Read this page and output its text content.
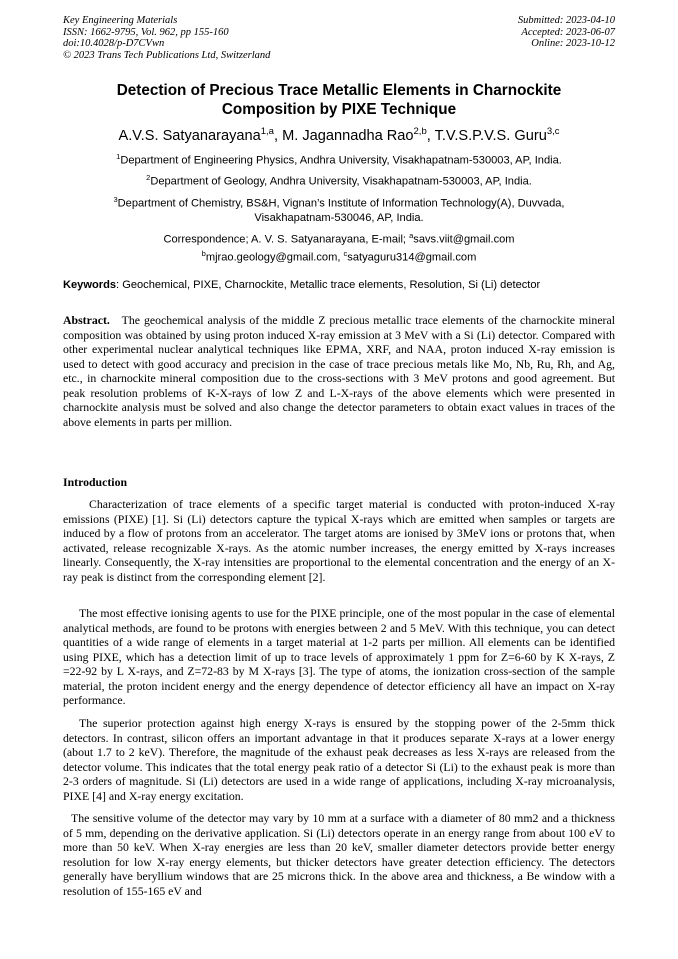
Key Engineering Materials
ISSN: 1662-9795, Vol. 962, pp 155-160
doi:10.4028/p-D7CVwn
© 2023 Trans Tech Publications Ltd, Switzerland
Submitted: 2023-04-10
Accepted: 2023-06-07
Online: 2023-10-12
Detection of Precious Trace Metallic Elements in Charnockite
Composition by PIXE Technique
A.V.S. Satyanarayana$^{1,a}$, M. Jagannadha Rao$^{2,b}$, T.V.S.P.V.S. Guru$^{3,c}$
$^1$Department of Engineering Physics, Andhra University, Visakhapatnam-530003, AP, India.
$^2$Department of Geology, Andhra University, Visakhapatnam-530003, AP, India.
$^3$Department of Chemistry, BS&H, Vignan’s Institute of Information Technology(A), Duvvada,
Visakhapatnam-530046, AP, India.
Correspondence; A. V. S. Satyanarayana, E-mail; $^a$savs.viit@gmail.com
$^b$mjrao.geology@gmail.com, $^c$satyaguru314@gmail.com
Keywords: Geochemical, PIXE, Charnockite, Metallic trace elements, Resolution, Si (Li) detector
Abstract. The geochemical analysis of the middle Z precious metallic trace elements of the charnockite mineral composition was obtained by using proton induced X-ray emission at 3 MeV with a Si (Li) detector. Compared with other experimental nuclear analytical techniques like EPMA, XRF, and NAA, proton induced X-ray emission is used to detect with good accuracy and precision in the case of trace precious metals like Mo, Nb, Ru, Rh, and Ag, etc., in charnockite mineral composition due to the cross-sections with 3 MeV protons and good agreement. But peak resolution problems of K-X-rays of low Z and L-X-rays of the above elements which were presented in charnockite analysis must be solved and also change the detector parameters to obtain exact values in traces of the above elements in parts per million.
Introduction
Characterization of trace elements of a specific target material is conducted with proton-induced X-ray emissions (PIXE) [1]. Si (Li) detectors capture the typical X-rays which are emitted when samples or targets are induced by a flow of protons from an accelerator. The target atoms are ionised by 3MeV ions or protons that, when activated, release recognizable X-rays. As the atomic number increases, the energy emitted by X-rays increases linearly. Consequently, the X-ray intensities are proportional to the elemental concentration and the energy of an X-ray peak is distinct from the corresponding element [2].
The most effective ionising agents to use for the PIXE principle, one of the most popular in the case of elemental analytical methods, are found to be protons with energies between 2 and 5 MeV. With this technique, you can detect quantities of a wide range of elements in a target material at 1-2 parts per million. All elements can be identified using PIXE, which has a detection limit of up to trace levels of approximately 1 ppm for Z=6-60 by K X-rays, Z =22-92 by L X-rays, and Z=72-83 by M X-rays [3]. The type of atoms, the ionization cross-section of the sample material, the proton incident energy and the energy dependence of detector efficiency all have an impact on X-ray performance.
The superior protection against high energy X-rays is ensured by the stopping power of the 2-5mm thick detectors. In contrast, silicon offers an important advantage in that it produces separate X-rays at a lower energy (about 1.7 to 2 keV). Therefore, the magnitude of the exhaust peak decreases as less X-rays are released from the detector volume. This indicates that the total energy peak ratio of a detector Si (Li) to the exhaust peak is more than 2-3 orders of magnitude. Si (Li) detectors are used in a wide range of applications, including X-ray microanalysis, PIXE [4] and X-ray energy excitation.
The sensitive volume of the detector may vary by 10 mm at a surface with a diameter of 80 mm2 and a thickness of 5 mm, depending on the derivative application. Si (Li) detectors operate in an energy range from about 100 eV to more than 50 keV. When X-ray energies are less than 20 keV, smaller diameter detectors provide better energy resolution for low X-ray energy elements, but thicker detectors have greater detection efficiency. The detectors generally have beryllium windows that are 25 microns thick. In the above area and thickness, a Be window with a resolution of 155-165 eV and
